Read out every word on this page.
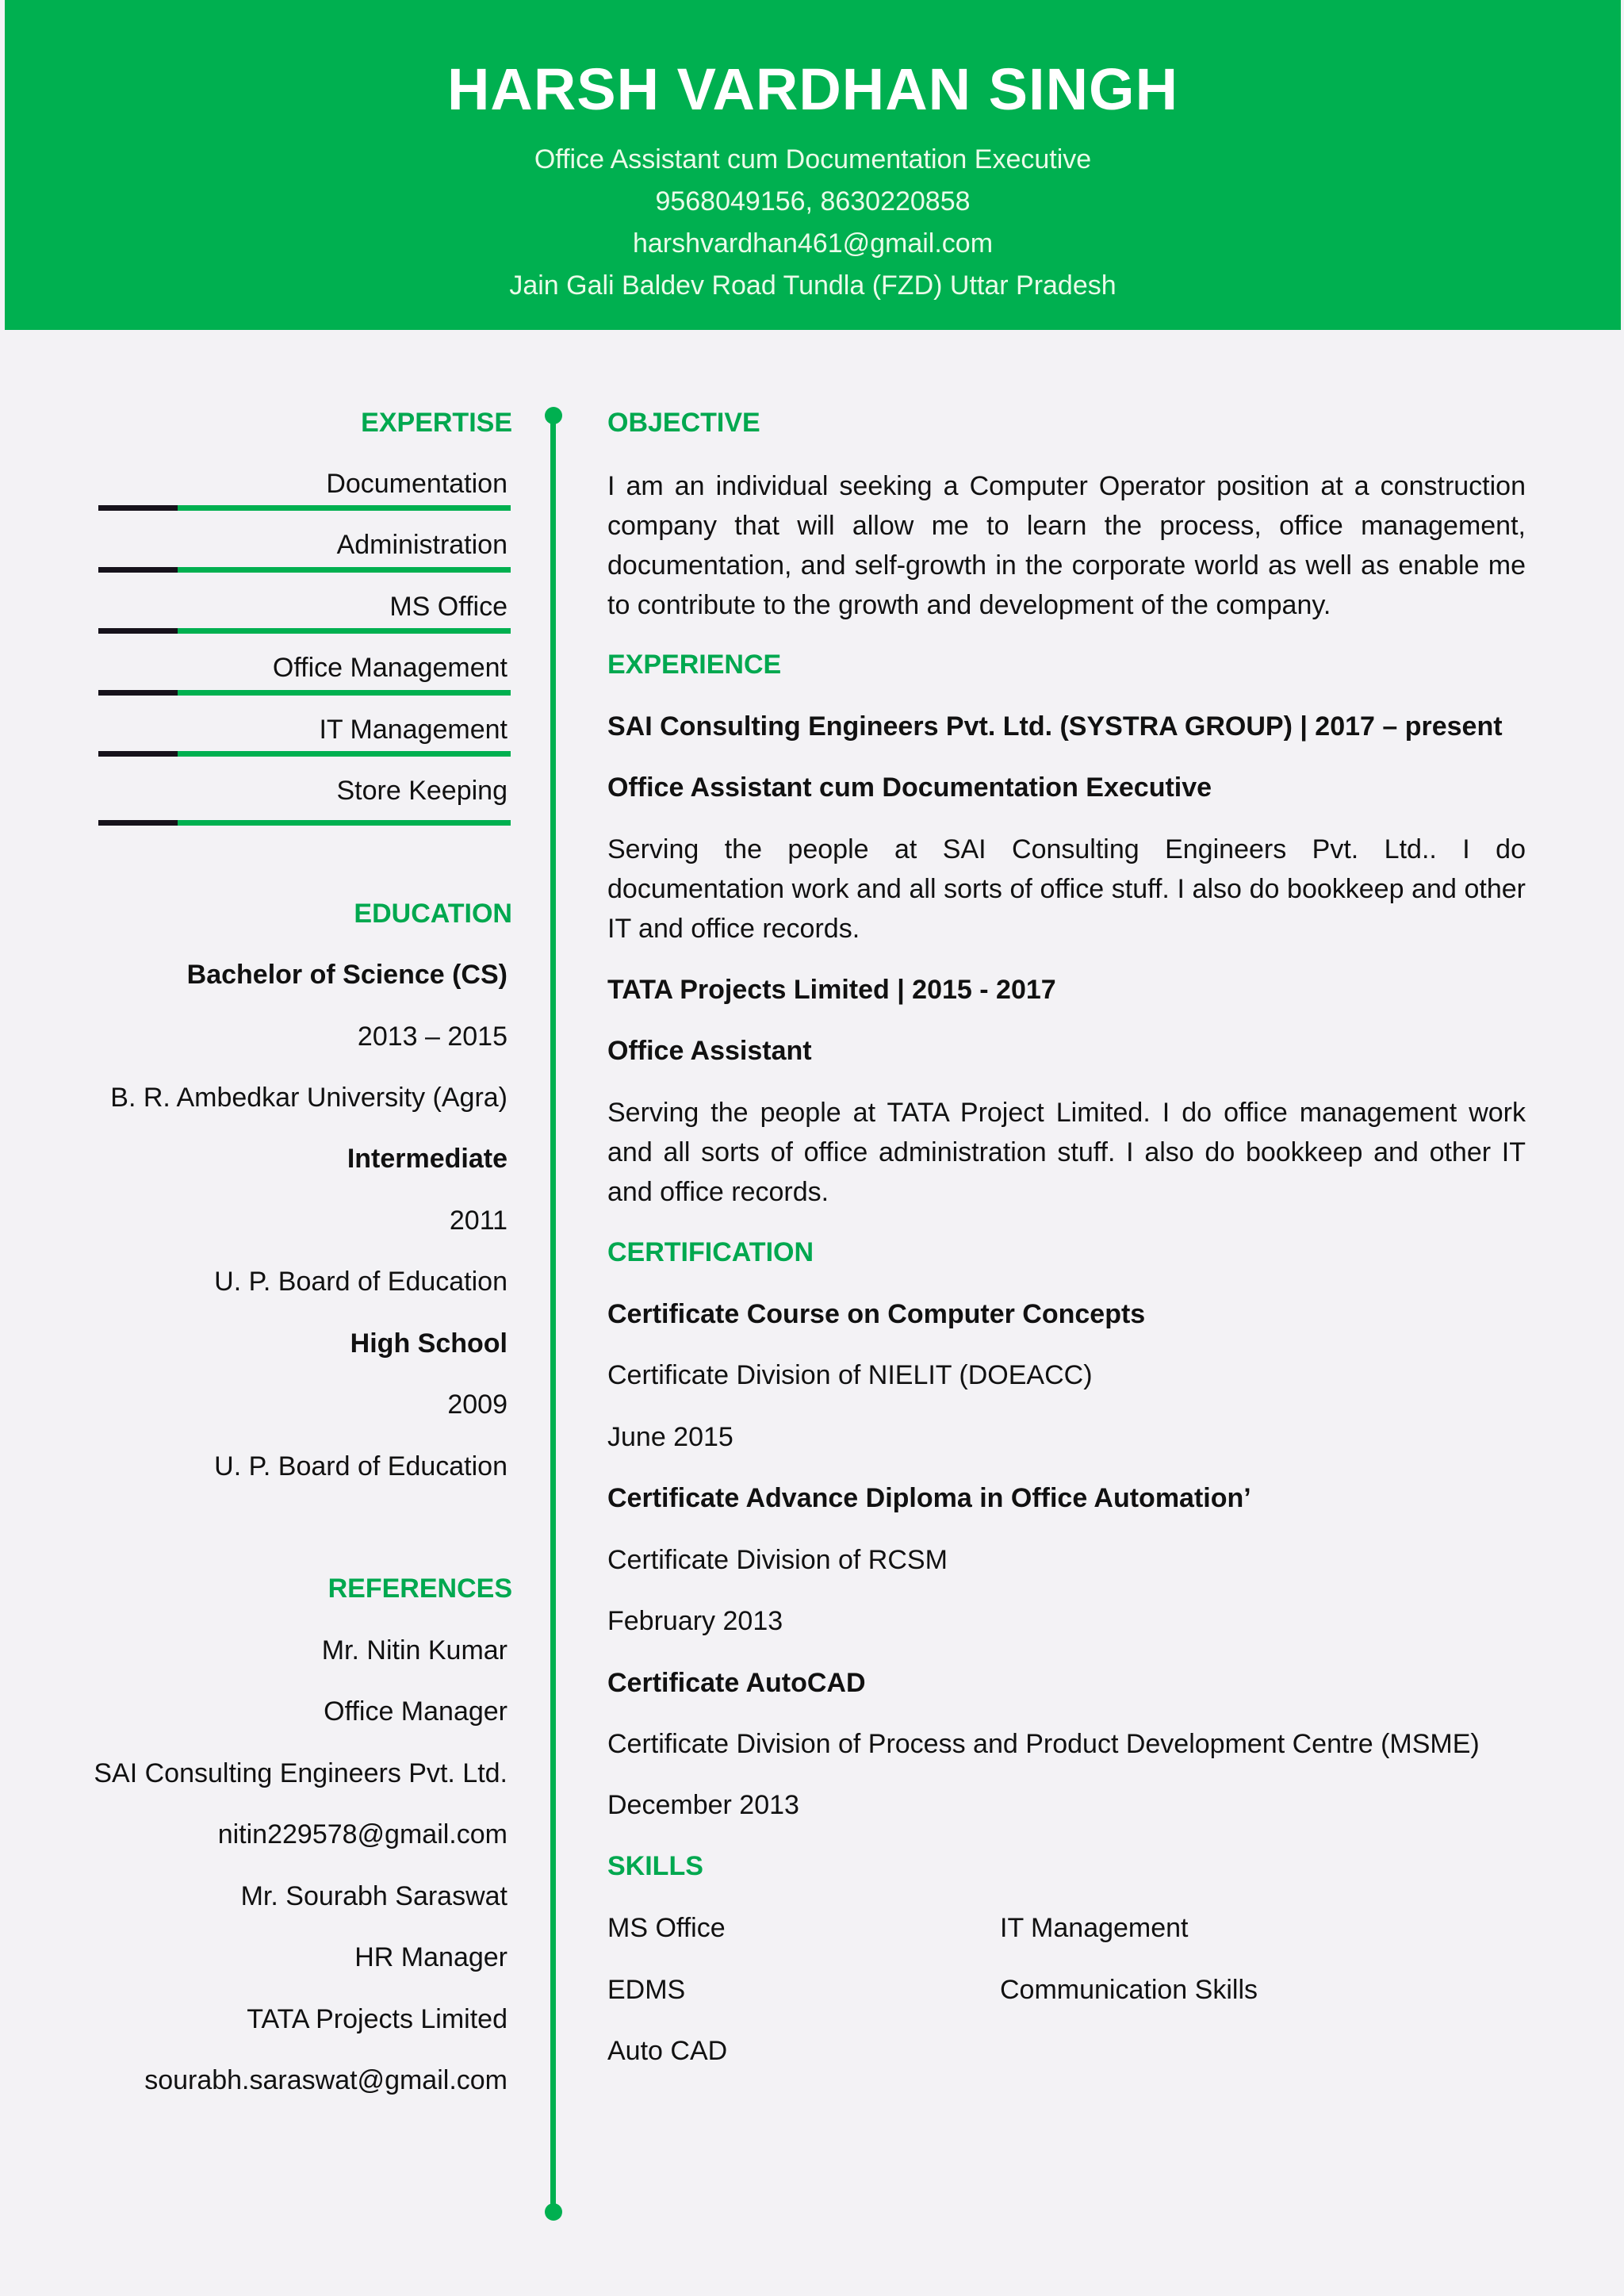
HARSH VARDHAN SINGH
Office Assistant cum Documentation Executive
9568049156, 8630220858
harshvardhan461@gmail.com
Jain Gali Baldev Road Tundla (FZD) Uttar Pradesh
EXPERTISE
Documentation
Administration
MS Office
Office Management
IT Management
Store Keeping
EDUCATION
Bachelor of Science (CS)
2013 – 2015
B. R. Ambedkar University (Agra)
Intermediate
2011
U. P. Board of Education
High School
2009
U. P. Board of Education
REFERENCES
Mr. Nitin Kumar
Office Manager
SAI Consulting Engineers Pvt. Ltd.
nitin229578@gmail.com
Mr. Sourabh Saraswat
HR Manager
TATA Projects Limited
sourabh.saraswat@gmail.com
OBJECTIVE
I am an individual seeking a Computer Operator position at a construction company that will allow me to learn the process, office management, documentation, and self-growth in the corporate world as well as enable me to contribute to the growth and development of the company.
EXPERIENCE
SAI Consulting Engineers Pvt. Ltd. (SYSTRA GROUP) | 2017 – present
Office Assistant cum Documentation Executive
Serving the people at SAI Consulting Engineers Pvt. Ltd.. I do documentation work and all sorts of office stuff. I also do bookkeep and other IT and office records.
TATA Projects Limited | 2015 - 2017
Office Assistant
Serving the people at TATA Project Limited. I do office management work and all sorts of office administration stuff. I also do bookkeep and other IT and office records.
CERTIFICATION
Certificate Course on Computer Concepts
Certificate Division of NIELIT (DOEACC)
June 2015
Certificate Advance Diploma in Office Automation’
Certificate Division of RCSM
February 2013
Certificate AutoCAD
Certificate Division of Process and Product Development Centre (MSME)
December 2013
SKILLS
MS Office
EDMS
Auto CAD
IT Management
Communication Skills
